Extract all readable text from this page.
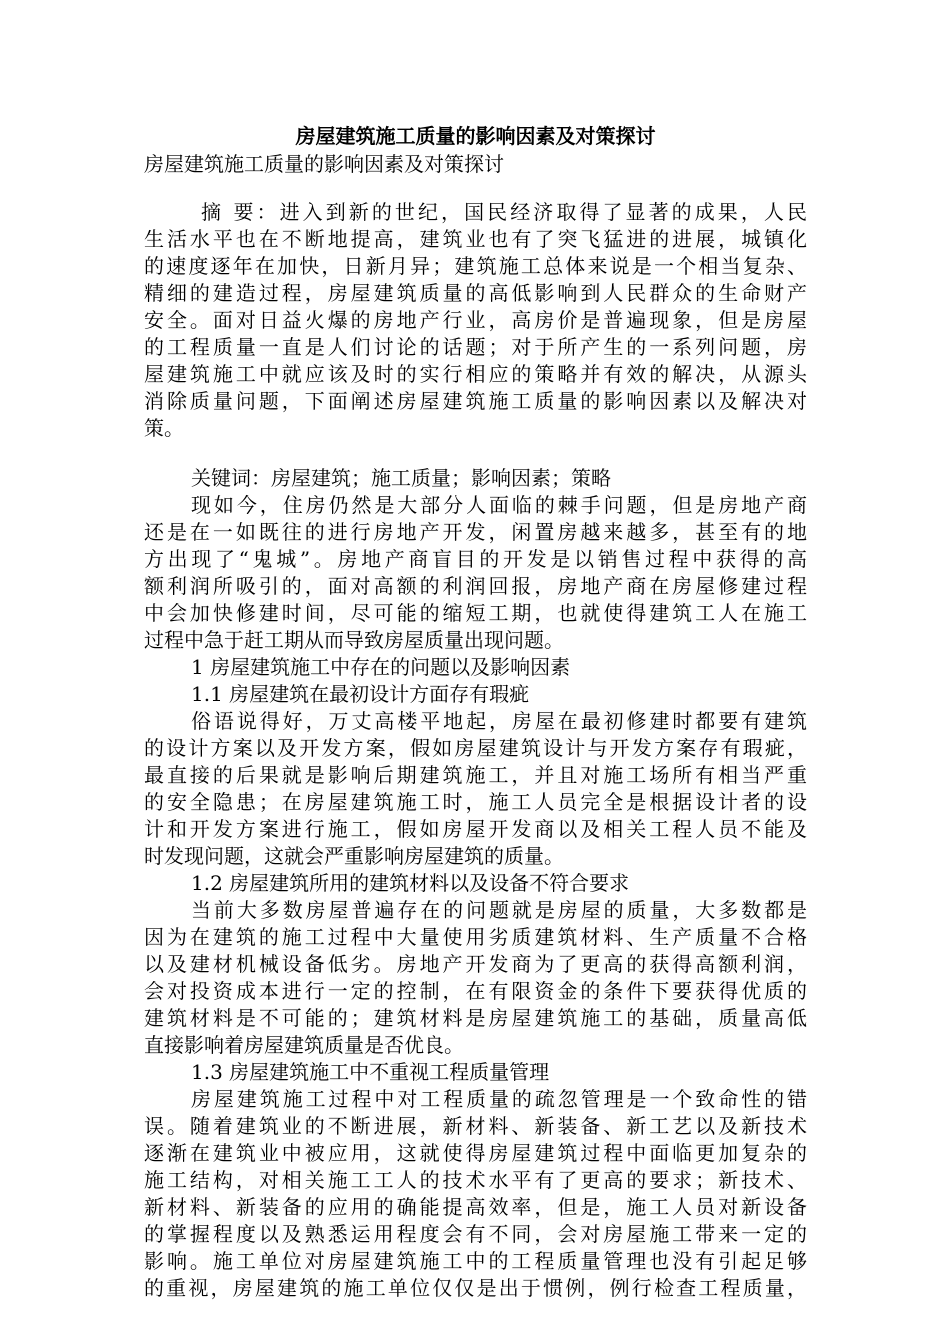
房屋建筑施工质量的影响因素及对策探讨
房屋建筑施工质量的影响因素及对策探讨
摘 要：进入到新的世纪，国民经济取得了显著的成果，人民
生活水平也在不断地提高，建筑业也有了突飞猛进的进展，城镇化
的速度逐年在加快，日新月异；建筑施工总体来说是一个相当复杂、
精细的建造过程，房屋建筑质量的高低影响到人民群众的生命财产
安全。面对日益火爆的房地产行业，高房价是普遍现象，但是房屋
的工程质量一直是人们讨论的话题；对于所产生的一系列问题，房
屋建筑施工中就应该及时的实行相应的策略并有效的解决，从源头
消除质量问题，下面阐述房屋建筑施工质量的影响因素以及解决对
策。
关键词：房屋建筑；施工质量；影响因素；策略
现如今，住房仍然是大部分人面临的棘手问题，但是房地产商
还是在一如既往的进行房地产开发，闲置房越来越多，甚至有的地
方出现了“鬼城”。房地产商盲目的开发是以销售过程中获得的高
额利润所吸引的，面对高额的利润回报，房地产商在房屋修建过程
中会加快修建时间，尽可能的缩短工期，也就使得建筑工人在施工
过程中急于赶工期从而导致房屋质量出现问题。
1 房屋建筑施工中存在的问题以及影响因素
1.1 房屋建筑在最初设计方面存有瑕疵
俗语说得好，万丈高楼平地起，房屋在最初修建时都要有建筑
的设计方案以及开发方案，假如房屋建筑设计与开发方案存有瑕疵，
最直接的后果就是影响后期建筑施工，并且对施工场所有相当严重
的安全隐患；在房屋建筑施工时，施工人员完全是根据设计者的设
计和开发方案进行施工，假如房屋开发商以及相关工程人员不能及
时发现问题，这就会严重影响房屋建筑的质量。
1.2 房屋建筑所用的建筑材料以及设备不符合要求
当前大多数房屋普遍存在的问题就是房屋的质量，大多数都是
因为在建筑的施工过程中大量使用劣质建筑材料、生产质量不合格
以及建材机械设备低劣。房地产开发商为了更高的获得高额利润，
会对投资成本进行一定的控制，在有限资金的条件下要获得优质的
建筑材料是不可能的；建筑材料是房屋建筑施工的基础，质量高低
直接影响着房屋建筑质量是否优良。
1.3 房屋建筑施工中不重视工程质量管理
房屋建筑施工过程中对工程质量的疏忽管理是一个致命性的错
误。随着建筑业的不断进展，新材料、新装备、新工艺以及新技术
逐渐在建筑业中被应用，这就使得房屋建筑过程中面临更加复杂的
施工结构，对相关施工工人的技术水平有了更高的要求；新技术、
新材料、新装备的应用的确能提高效率，但是，施工人员对新设备
的掌握程度以及熟悉运用程度会有不同，会对房屋施工带来一定的
影响。施工单位对房屋建筑施工中的工程质量管理也没有引起足够
的重视，房屋建筑的施工单位仅仅是出于惯例，例行检查工程质量，
